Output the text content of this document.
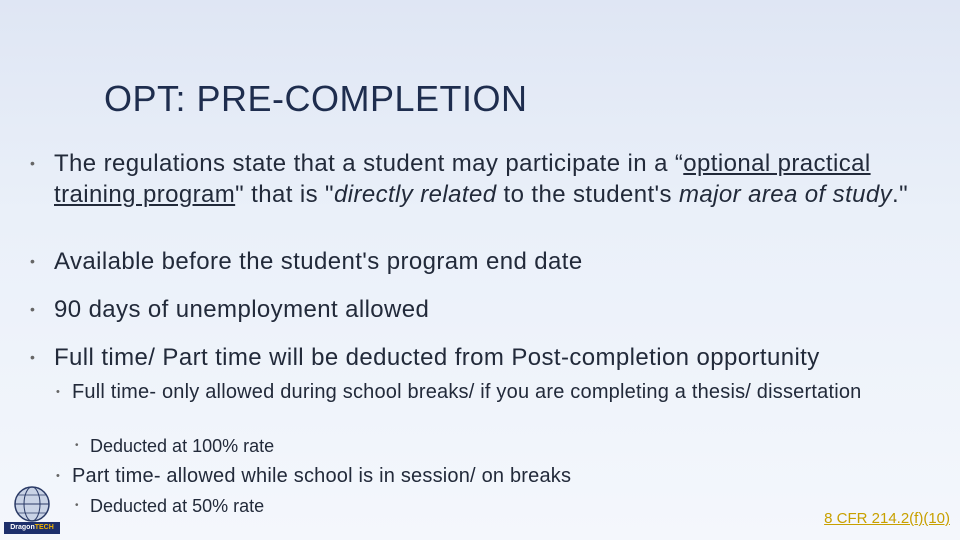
OPT: PRE-COMPLETION
• The regulations state that a student may participate in a “optional practical training program" that is "directly related to the student's major area of study."
• Available before the student's program end date
• 90 days of unemployment allowed
• Full time/ Part time will be deducted from Post-completion opportunity
• Full time- only allowed during school breaks/ if you are completing a thesis/ dissertation
• Deducted at 100% rate
• Part time- allowed while school is in session/ on breaks
• Deducted at 50% rate
DragonTECH
8 CFR 214.2(f)(10)
